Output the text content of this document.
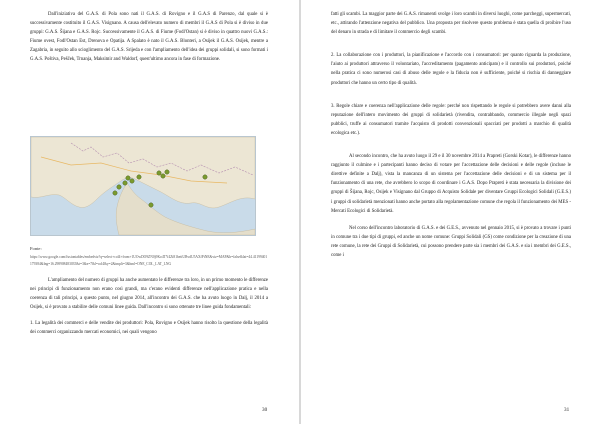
Dall'iniziativa del G.A.S. di Pola sono nati il G.A.S. di Rovigno e il G.A.S di Parenzo, dal quale si è successivamente costituito il G.A.S. Visignano. A causa dell'elevato numero di membri il G.A.S di Pola si è diviso in due gruppi: G.A.S. Šijana e G.A.S. Rojc. Successivamente il G.A.S. di Fiume (Fodl'Ostan) si è diviso in quattro nuovi G.A.S.: Fiume ovest, Fodl'Ostan Est, Drenova e Opatija. A Spalato è nato il G.A.S. Blonteri, a Osijek il G.A.S. Osijek, mentre a Zagabria, in seguito allo scioglimento del G.A.S. Srijeda e con l'ampliamento dell'idea dei gruppi solidali, si sono formati i G.A.S. Poštiva, Pešček, Trnanja, Maksimir and Waldorf, quest'ultimo ancora in fase di formazione.

Fonte:
https://www.google.com/fusiontables/embedviz?q=select+col4+from+1UOwDO9ZN0j9Ko4TY4Zi81betiUBvdU5AXfPtNE&viz=MAP&h=false&lat=44.41199401179384&lng=16.298908483035&t=3&z=7&l=col4&y=2&tmplt=3&hml=ONE_COL_LAT_LNG

L'ampliamento del numero di gruppi ha anche aumentato le differenze tra loro, in un primo momento le differenze nei principi di funzionamento non erano così grandi, ma c'erano evidenti differenze nell'applicazione pratica e nella coerenza di tali principi, a questo punto, nel giugno 2014, all'incontro dei G.A.S. che ha avuto luogo in Dalj, il 2014 a Osijek, si è provato a stabilire delle comuni linee guida. Dall'incontro si sono ottenute tre linee guida fondamentali:

1. La legalità dei commerci e delle vendite dei produttori: Pola, Rovigno e Osijek hanno risolto la questione della legalità dei commerci organizzando mercati economici, nei quali vengono

30

fatti gli scambi. La maggior parte dei G.A.S. rimanenti svolge i loro scambi in diversi luoghi, come parcheggi, supermercati, etc., attirando l'attenzione negativa del pubblico. Una proposta per risolvere questo problema è stata quella di proibire l'uso del denaro in strada e di limitare il commercio degli scambi.

2. La collaborazione con i produttori, la pianificazione e l'accordo con i consumatori: per quanto riguarda la produzione, l'aiuto ai produttori attraverso il volontariato, l'accreditamento (pagamento anticipato) e il controllo sui produttori, poiché nella pratica ci sono numerosi casi di abuso delle regole e la fiducia non è sufficiente, poiché si rischia di danneggiare produttori che hanno un certo tipo di qualità.

3. Regole chiare e coerenza nell'applicazione delle regole: perché non rispettando le regole si potrebbero avere danni alla reputazione dell'intero movimento dei gruppi di solidarietà (rivendita, contrabbando, commercio illegale negli spazi pubblici, truffe ai consumatori tramite l'acquisto di prodotti convenzionali spacciati per prodotti a marchio di qualità ecologica etc.).

Al secondo incontro, che ha avuto luogo il 29 e il 30 novembre 2014 a Prapreti (Gorski Kotar), le differenze hanno raggiunto il culmine e i partecipanti hanno deciso di votare per l'accettazione delle decisioni e delle regole (incluse le direttive definite a Dalj), vista la mancanza di un sistema per l'accettazione delle decisioni e di un sistema per il funzionamento di una rete, che avrebbero lo scopo di coordinare i G.A.S. Dopo Prapreti è stata necessaria la divisione dei gruppi di Šijana, Rojc, Osijek e Visignano dal Gruppo di Acquisto Solidale per diventare Gruppi Ecologici Solidali (G.E.S.) i gruppi di solidarietà menzionati hanno anche portato alla regolamentazione comune che regola il funzionamento dei MES - Mercati Ecologici di Solidarietà.

Nel corso dell'incontro laboratorio di G.A.S. e dei G.E.S., avvenuto nel gennaio 2015, si è provato a trovare i punti in comune tra i due tipi di gruppi, ed anche un nome comune: Gruppi Solidali (GS) come condizione per la creazione di una rete comune, la rete dei Gruppi di Solidarietà, cui possono prendere parte sia i membri dei G.A.S. e sia i membri dei G.E.S., come i

31
